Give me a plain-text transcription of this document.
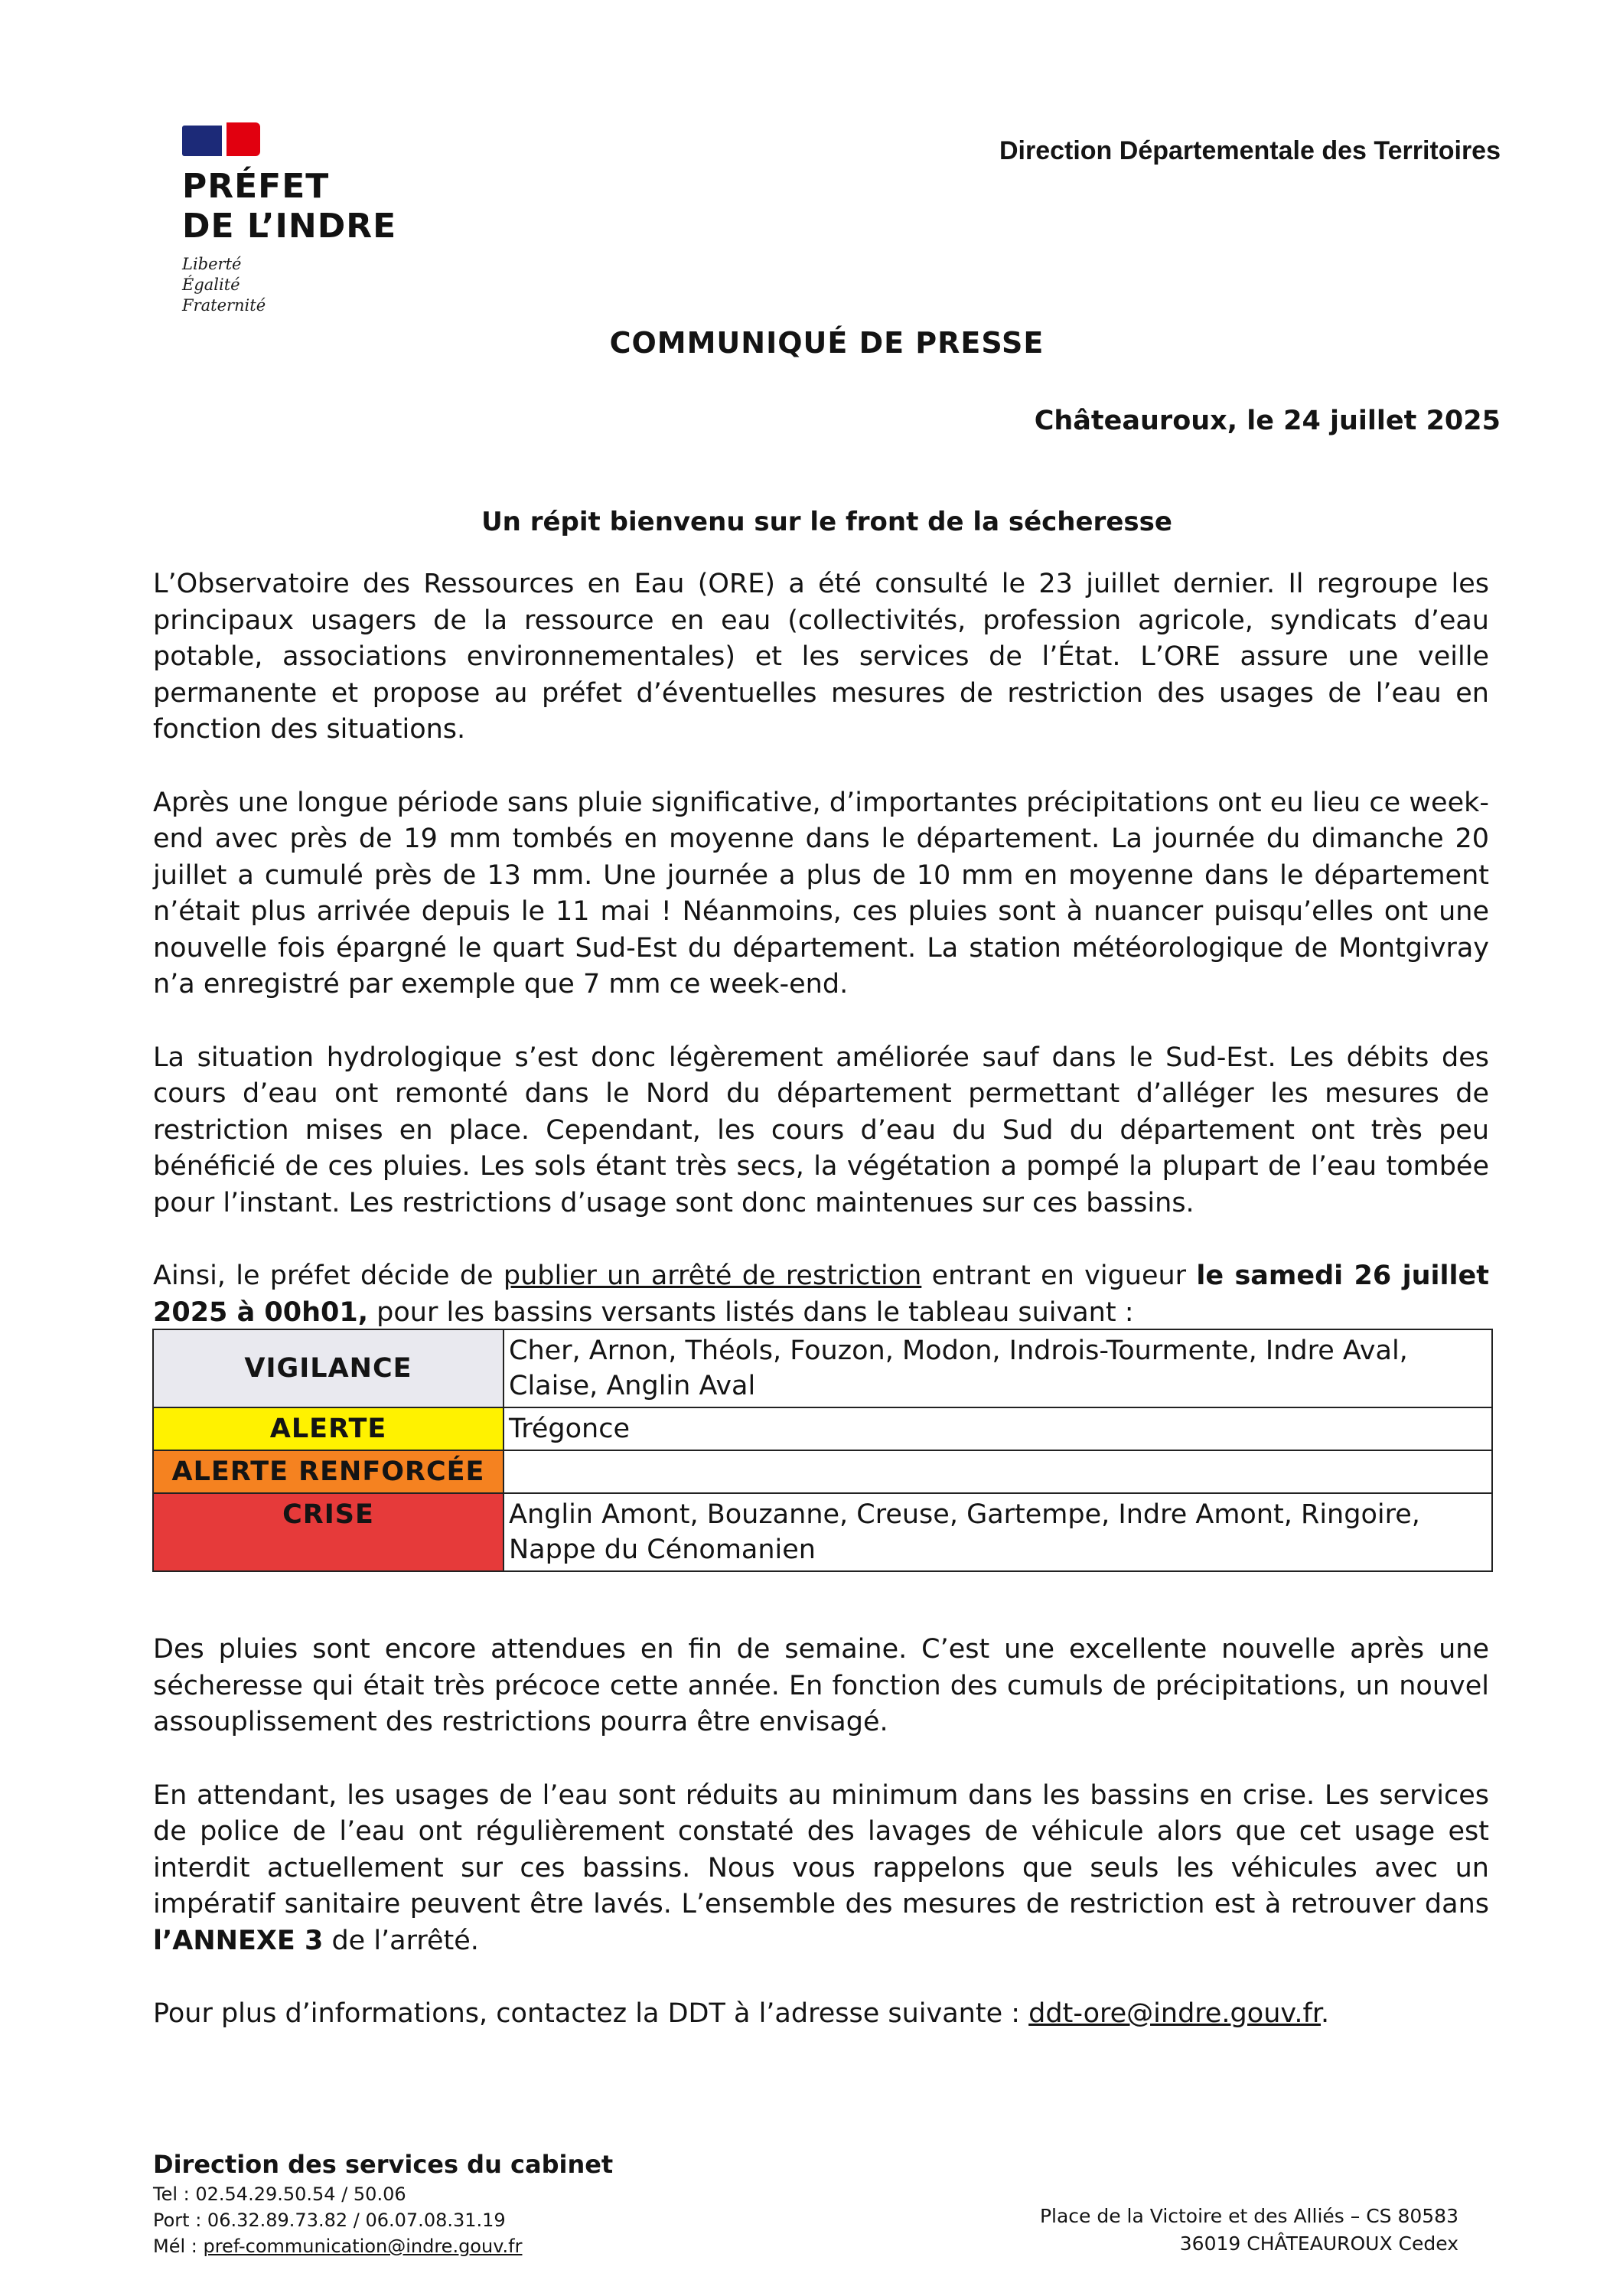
PRÉFET
DE L’INDRE
Liberté
Égalité
Fraternité
Direction Départementale des Territoires
COMMUNIQUÉ DE PRESSE
Châteauroux, le 24 juillet 2025
Un répit bienvenu sur le front de la sécheresse

L’Observatoire des Ressources en Eau (ORE) a été consulté le 23 juillet dernier. Il regroupe les principaux usagers de la ressource en eau (collectivités, profession agricole, syndicats d’eau potable, associations environnementales) et les services de l’État. L’ORE assure une veille permanente et propose au préfet d’éventuelles mesures de restriction des usages de l’eau en fonction des situations.

Après une longue période sans pluie significative, d’importantes précipitations ont eu lieu ce week-end avec près de 19 mm tombés en moyenne dans le département. La journée du dimanche 20 juillet a cumulé près de 13 mm. Une journée a plus de 10 mm en moyenne dans le département n’était plus arrivée depuis le 11 mai ! Néanmoins, ces pluies sont à nuancer puisqu’elles ont une nouvelle fois épargné le quart Sud-Est du département. La station météorologique de Montgivray n’a enregistré par exemple que 7 mm ce week-end.

La situation hydrologique s’est donc légèrement améliorée sauf dans le Sud-Est. Les débits des cours d’eau ont remonté dans le Nord du département permettant d’alléger les mesures de restriction mises en place. Cependant, les cours d’eau du Sud du département ont très peu bénéficié de ces pluies. Les sols étant très secs, la végétation a pompé la plupart de l’eau tombée pour l’instant. Les restrictions d’usage sont donc maintenues sur ces bassins.

Ainsi, le préfet décide de publier un arrêté de restriction entrant en vigueur le samedi 26 juillet 2025 à 00h01, pour les bassins versants listés dans le tableau suivant :

VIGILANCE	Cher, Arnon, Théols, Fouzon, Modon, Indrois-Tourmente, Indre Aval, Claise, Anglin Aval
ALERTE	Trégonce
ALERTE RENFORCÉE	
CRISE	Anglin Amont, Bouzanne, Creuse, Gartempe, Indre Amont, Ringoire, Nappe du Cénomanien

Des pluies sont encore attendues en fin de semaine. C’est une excellente nouvelle après une sécheresse qui était très précoce cette année. En fonction des cumuls de précipitations, un nouvel assouplissement des restrictions pourra être envisagé.

En attendant, les usages de l’eau sont réduits au minimum dans les bassins en crise. Les services de police de l’eau ont régulièrement constaté des lavages de véhicule alors que cet usage est interdit actuellement sur ces bassins. Nous vous rappelons que seuls les véhicules avec un impératif sanitaire peuvent être lavés. L’ensemble des mesures de restriction est à retrouver dans l’ANNEXE 3 de l’arrêté.

Pour plus d’informations, contactez la DDT à l’adresse suivante : ddt-ore@indre.gouv.fr.

Direction des services du cabinet
Tel : 02.54.29.50.54 / 50.06
Port : 06.32.89.73.82 / 06.07.08.31.19
Mél : pref-communication@indre.gouv.fr
Place de la Victoire et des Alliés – CS 80583
36019 CHÂTEAUROUX Cedex
